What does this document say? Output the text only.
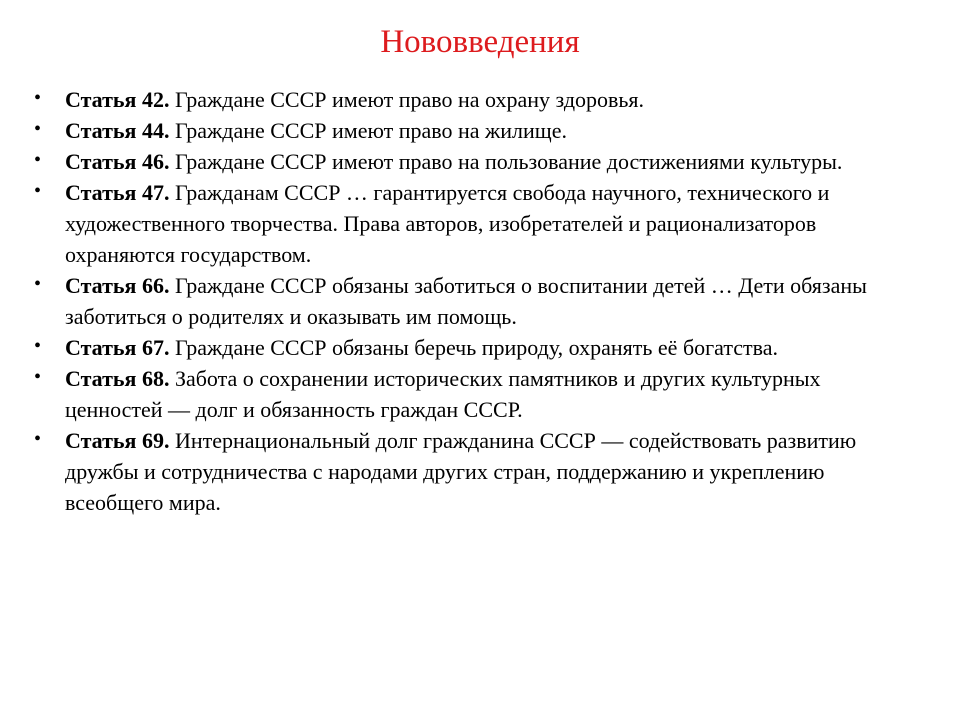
Нововведения
• Статья 42. Граждане СССР имеют право на охрану здоровья.
• Статья 44. Граждане СССР имеют право на жилище.
• Статья 46. Граждане СССР имеют право на пользование достижениями культуры.
• Статья 47. Гражданам СССР … гарантируется свобода научного, технического и художественного творчества. Права авторов, изобретателей и рационализаторов охраняются государством.
• Статья 66. Граждане СССР обязаны заботиться о воспитании детей … Дети обязаны заботиться о родителях и оказывать им помощь.
• Статья 67. Граждане СССР обязаны беречь природу, охранять её богатства.
• Статья 68. Забота о сохранении исторических памятников и других культурных ценностей — долг и обязанность граждан СССР.
• Статья 69. Интернациональный долг гражданина СССР — содействовать развитию дружбы и сотрудничества с народами других стран, поддержанию и укреплению всеобщего мира.
